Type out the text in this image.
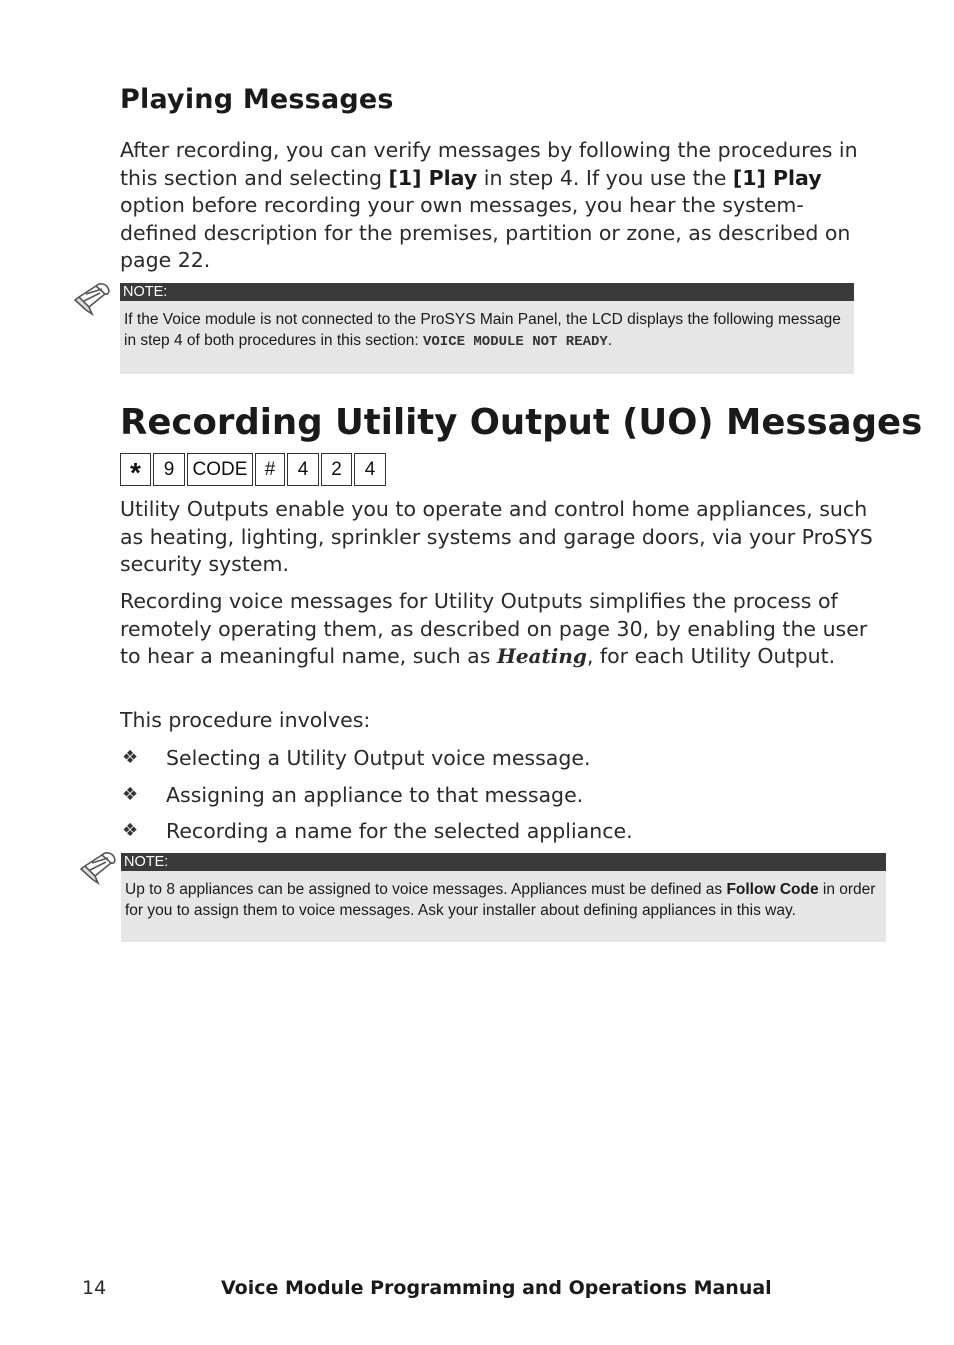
Playing Messages
After recording, you can verify messages by following the procedures in this section and selecting [1] Play in step 4. If you use the [1] Play option before recording your own messages, you hear the system-defined description for the premises, partition or zone, as described on page 22.
NOTE:
If the Voice module is not connected to the ProSYS Main Panel, the LCD displays the following message in step 4 of both procedures in this section: VOICE MODULE NOT READY.
Recording Utility Output (UO) Messages
*	9 CODE #	4	2	4
Utility Outputs enable you to operate and control home appliances, such as heating, lighting, sprinkler systems and garage doors, via your ProSYS security system.
Recording voice messages for Utility Outputs simplifies the process of remotely operating them, as described on page 30, by enabling the user to hear a meaningful name, such as Heating, for each Utility Output.
This procedure involves:
❖ Selecting a Utility Output voice message.
❖ Assigning an appliance to that message.
❖ Recording a name for the selected appliance.
NOTE:
Up to 8 appliances can be assigned to voice messages. Appliances must be defined as Follow Code in order for you to assign them to voice messages. Ask your installer about defining appliances in this way.
14	Voice Module Programming and Operations Manual
